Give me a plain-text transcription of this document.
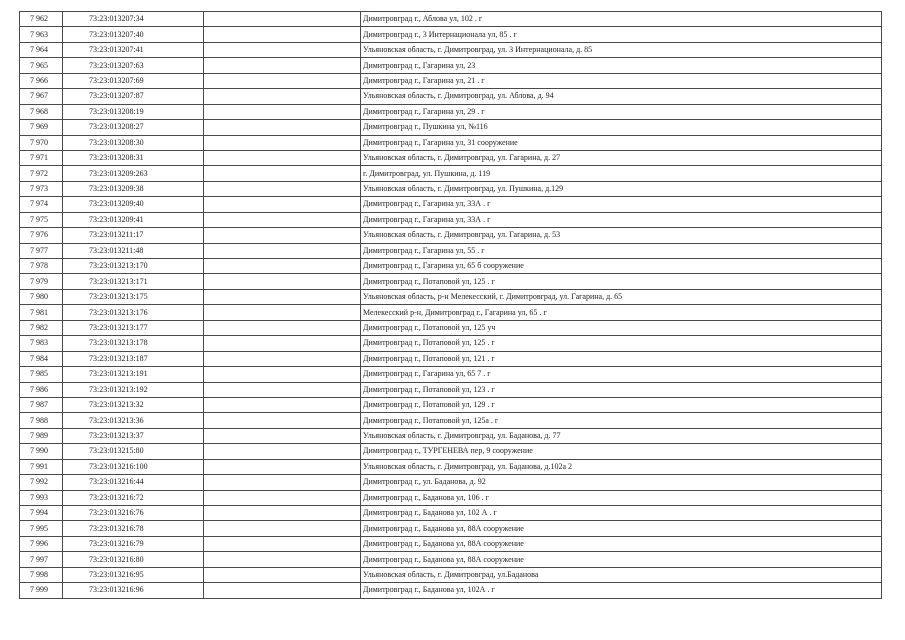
7 962	73:23:013207:34		Димитровград г., Аблова ул, 102 . г
7 963	73:23:013207:40		Димитровград г., 3 Интернационала ул, 85 . г
7 964	73:23:013207:41		Ульяновская область, г. Димитровград, ул. 3 Интернационала, д. 85
7 965	73:23:013207:63		Димитровград г., Гагарина ул, 23
7 966	73:23:013207:69		Димитровград г., Гагарина ул, 21 . г
7 967	73:23:013207:87		Ульяновская область, г. Димитровград, ул. Аблова, д. 94
7 968	73:23:013208:19		Димитровград г., Гагарина ул, 29 . г
7 969	73:23:013208:27		Димитровград г., Пушкина ул, №116
7 970	73:23:013208:30		Димитровград г., Гагарина ул, 31 сооружение
7 971	73:23:013208:31		Ульяновская область, г. Димитровград, ул. Гагарина, д. 27
7 972	73:23:013209:263		г. Димитровград, ул. Пушкина, д. 119
7 973	73:23:013209:38		Ульяновская область, г. Димитровград, ул. Пушкина, д.129
7 974	73:23:013209:40		Димитровград г., Гагарина ул, 33А . г
7 975	73:23:013209:41		Димитровград г., Гагарина ул, 33А . г
7 976	73:23:013211:17		Ульяновская область, г. Димитровград, ул. Гагарина, д. 53
7 977	73:23:013211:48		Димитровград г., Гагарина ул, 55 . г
7 978	73:23:013213:170		Димитровград г., Гагарина ул, 65 б сооружение
7 979	73:23:013213:171		Димитровград г., Потаповой ул, 125 . г
7 980	73:23:013213:175		Ульяновская область, р-н Мелекесский, г. Димитровград, ул. Гагарина, д. 65
7 981	73:23:013213:176		Мелекесский р-н, Димитровград г., Гагарина ул, 65 . г
7 982	73:23:013213:177		Димитровград г., Потаповой ул, 125 уч
7 983	73:23:013213:178		Димитровград г., Потаповой ул, 125 . г
7 984	73:23:013213:187		Димитровград г., Потаповой ул, 121 . г
7 985	73:23:013213:191		Димитровград г., Гагарина ул, 65 7 . г
7 986	73:23:013213:192		Димитровград г., Потаповой ул, 123 . г
7 987	73:23:013213:32		Димитровград г., Потаповой ул, 129 . г
7 988	73:23:013213:36		Димитровград г., Потаповой ул, 125а . г
7 989	73:23:013213:37		Ульяновская область, г. Димитровград, ул. Баданова, д. 77
7 990	73:23:013215:80		Димитровград г., ТУРГЕНЕВА пер, 9 сооружение
7 991	73:23:013216:100		Ульяновская область, г. Димитровград, ул. Баданова, д.102а 2
7 992	73:23:013216:44		Димитровград г., ул. Баданова, д. 92
7 993	73:23:013216:72		Димитровград г., Баданова ул, 106 . г
7 994	73:23:013216:76		Димитровград г., Баданова ул, 102 А . г
7 995	73:23:013216:78		Димитровград г., Баданова ул, 88А сооружение
7 996	73:23:013216:79		Димитровград г., Баданова ул, 88А сооружение
7 997	73:23:013216:80		Димитровград г., Баданова ул, 88А сооружение
7 998	73:23:013216:95		Ульяновская область, г. Димитровград, ул.Баданова
7 999	73:23:013216:96		Димитровград г., Баданова ул, 102А . г
